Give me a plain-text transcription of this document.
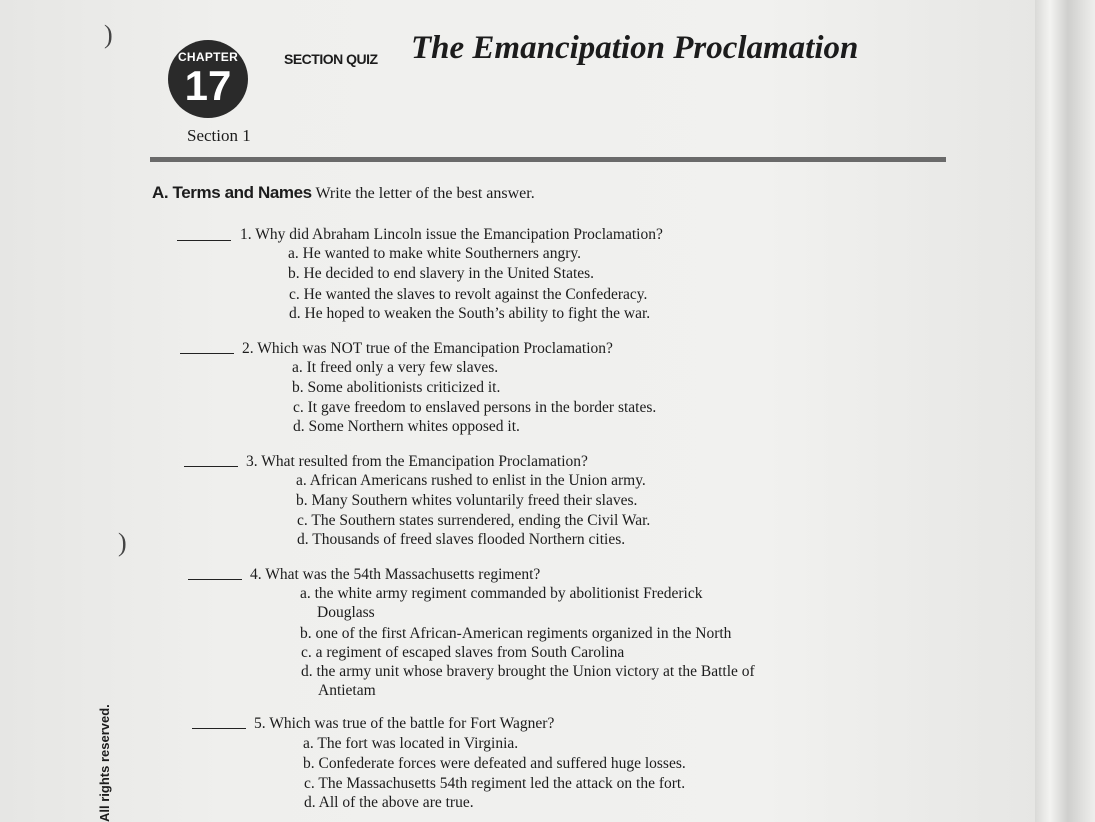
)
)
CHAPTER
17
SECTION QUIZ The Emancipation Proclamation
Section 1
A. Terms and Names Write the letter of the best answer.
1. Why did Abraham Lincoln issue the Emancipation Proclamation?
a. He wanted to make white Southerners angry.
b. He decided to end slavery in the United States.
c. He wanted the slaves to revolt against the Confederacy.
d. He hoped to weaken the South’s ability to fight the war.
2. Which was NOT true of the Emancipation Proclamation?
a. It freed only a very few slaves.
b. Some abolitionists criticized it.
c. It gave freedom to enslaved persons in the border states.
d. Some Northern whites opposed it.
3. What resulted from the Emancipation Proclamation?
a. African Americans rushed to enlist in the Union army.
b. Many Southern whites voluntarily freed their slaves.
c. The Southern states surrendered, ending the Civil War.
d. Thousands of freed slaves flooded Northern cities.
4. What was the 54th Massachusetts regiment?
a. the white army regiment commanded by abolitionist Frederick
Douglass
b. one of the first African-American regiments organized in the North
c. a regiment of escaped slaves from South Carolina
d. the army unit whose bravery brought the Union victory at the Battle of
Antietam
5. Which was true of the battle for Fort Wagner?
a. The fort was located in Virginia.
b. Confederate forces were defeated and suffered huge losses.
c. The Massachusetts 54th regiment led the attack on the fort.
d. All of the above are true.
All rights reserved.
